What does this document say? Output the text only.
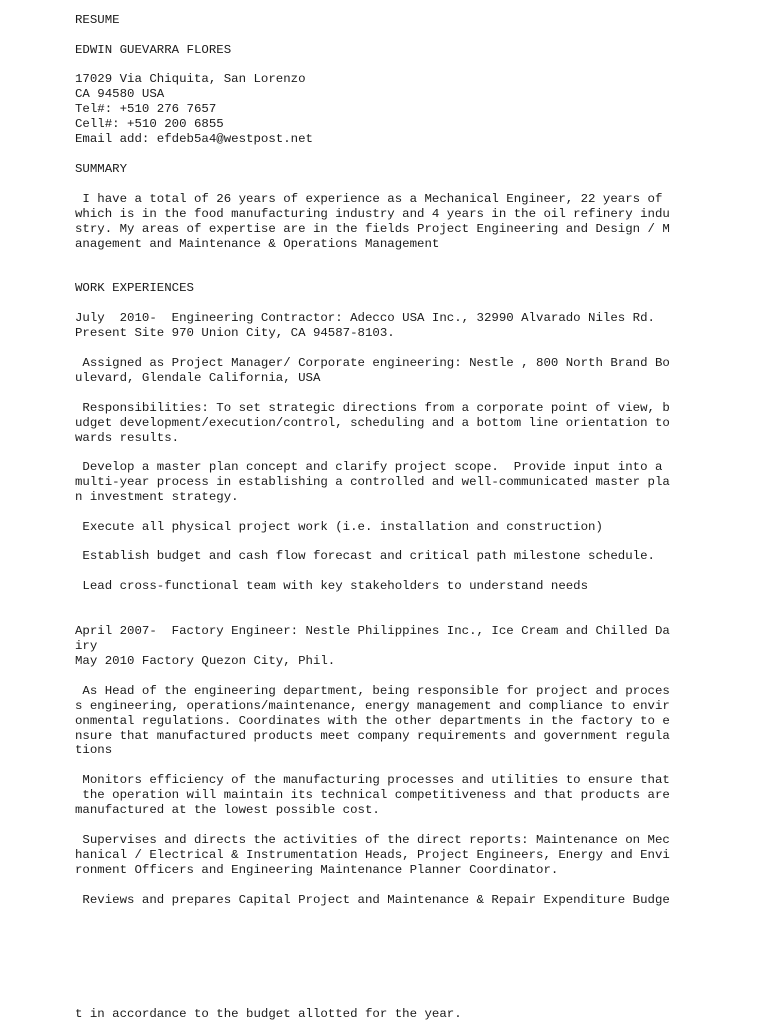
RESUME

EDWIN GUEVARRA FLORES

17029 Via Chiquita, San Lorenzo

CA 94580 USA

Tel#: +510 276 7657

Cell#: +510 200 6855

Email add: efdeb5a4@westpost.net

SUMMARY

I have a total of 26 years of experience as a Mechanical Engineer, 22 years of

which is in the food manufacturing industry and 4 years in the oil refinery indu

stry. My areas of expertise are in the fields Project Engineering and Design / M

anagement and Maintenance & Operations Management

WORK EXPERIENCES

July  2010-  Engineering Contractor: Adecco USA Inc., 32990 Alvarado Niles Rd.

Present Site 970 Union City, CA 94587-8103.

Assigned as Project Manager/ Corporate engineering: Nestle , 800 North Brand Bo

ulevard, Glendale California, USA

Responsibilities: To set strategic directions from a corporate point of view, b

udget development/execution/control, scheduling and a bottom line orientation to

wards results.

Develop a master plan concept and clarify project scope.  Provide input into a

multi-year process in establishing a controlled and well-communicated master pla

n investment strategy.

Execute all physical project work (i.e. installation and construction)

Establish budget and cash flow forecast and critical path milestone schedule.

Lead cross-functional team with key stakeholders to understand needs

April 2007-  Factory Engineer: Nestle Philippines Inc., Ice Cream and Chilled Da

iry

May 2010 Factory Quezon City, Phil.

As Head of the engineering department, being responsible for project and proces

s engineering, operations/maintenance, energy management and compliance to envir

onmental regulations. Coordinates with the other departments in the factory to e

nsure that manufactured products meet company requirements and government regula

tions

Monitors efficiency of the manufacturing processes and utilities to ensure that

the operation will maintain its technical competitiveness and that products are

manufactured at the lowest possible cost.

Supervises and directs the activities of the direct reports: Maintenance on Mec

hanical / Electrical & Instrumentation Heads, Project Engineers, Energy and Envi

ronment Officers and Engineering Maintenance Planner Coordinator.

Reviews and prepares Capital Project and Maintenance & Repair Expenditure Budge

t in accordance to the budget allotted for the year.
